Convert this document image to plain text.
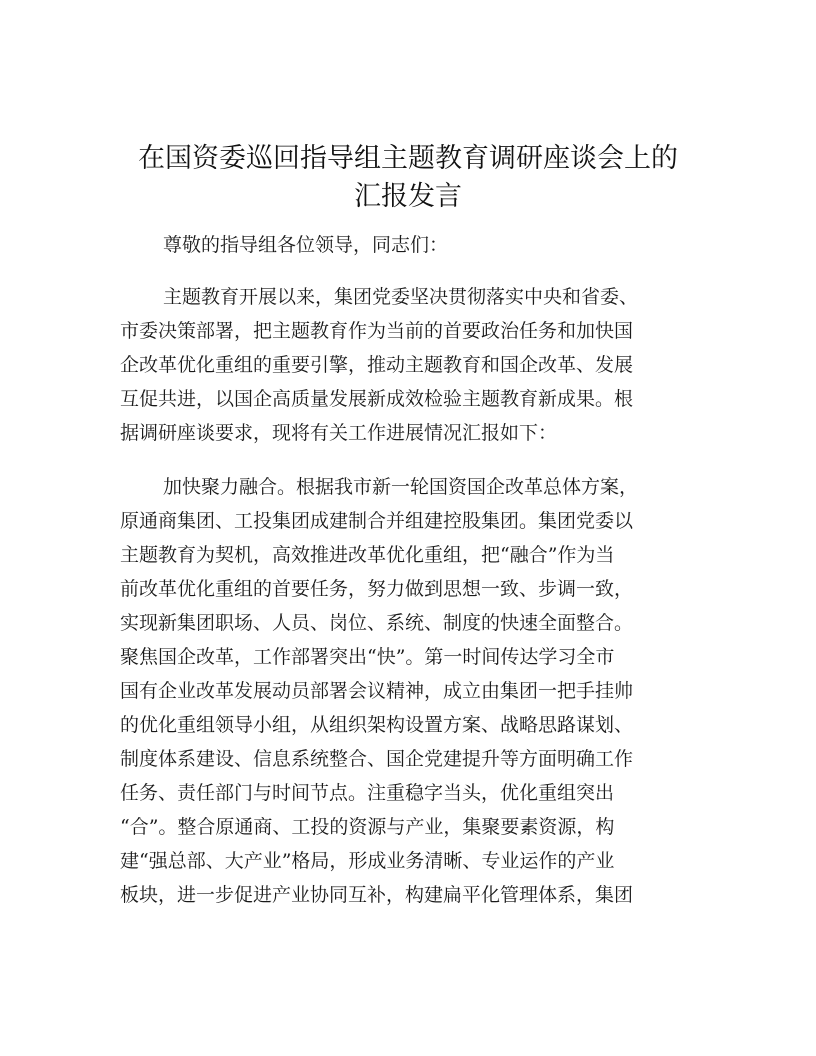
在国资委巡回指导组主题教育调研座谈会上的
汇报发言
尊敬的指导组各位领导，同志们：
主题教育开展以来，集团党委坚决贯彻落实中央和省委、
市委决策部署，把主题教育作为当前的首要政治任务和加快国
企改革优化重组的重要引擎，推动主题教育和国企改革、发展
互促共进，以国企高质量发展新成效检验主题教育新成果。根
据调研座谈要求，现将有关工作进展情况汇报如下：
加快聚力融合。根据我市新一轮国资国企改革总体方案，
原通商集团、工投集团成建制合并组建控股集团。集团党委以
主题教育为契机，高效推进改革优化重组，把“融合”作为当
前改革优化重组的首要任务，努力做到思想一致、步调一致，
实现新集团职场、人员、岗位、系统、制度的快速全面整合。
聚焦国企改革，工作部署突出“快”。第一时间传达学习全市
国有企业改革发展动员部署会议精神，成立由集团一把手挂帅
的优化重组领导小组，从组织架构设置方案、战略思路谋划、
制度体系建设、信息系统整合、国企党建提升等方面明确工作
任务、责任部门与时间节点。注重稳字当头，优化重组突出
“合”。整合原通商、工投的资源与产业，集聚要素资源，构
建“强总部、大产业”格局，形成业务清晰、专业运作的产业
板块，进一步促进产业协同互补，构建扁平化管理体系，集团
